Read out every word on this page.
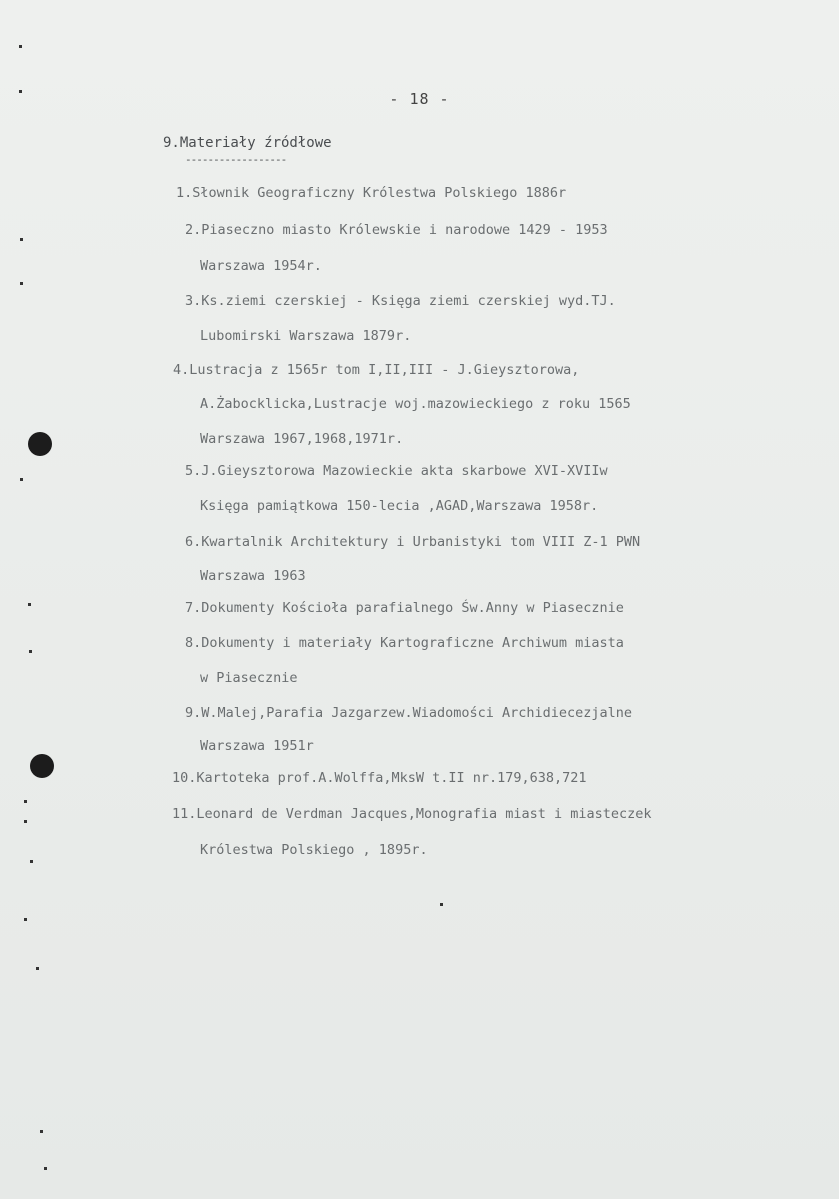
- 18 -
9.Materiały źródłowe
------------------
1.Słownik Geograficzny Królestwa Polskiego 1886r
2.Piaseczno miasto Królewskie i narodowe 1429 - 1953
Warszawa 1954r.
3.Ks.ziemi czerskiej - Księga ziemi czerskiej wyd.TJ.
Lubomirski Warszawa 1879r.
4.Lustracja z 1565r tom I,II,III - J.Gieysztorowa,
A.Żabocklicka,Lustracje woj.mazowieckiego z roku 1565
Warszawa 1967,1968,1971r.
5.J.Gieysztorowa Mazowieckie akta skarbowe XVI-XVIIw
Księga pamiątkowa 150-lecia ,AGAD,Warszawa 1958r.
6.Kwartalnik Architektury i Urbanistyki tom VIII Z-1 PWN
Warszawa 1963
7.Dokumenty Kościoła parafialnego Św.Anny w Piasecznie
8.Dokumenty i materiały Kartograficzne Archiwum miasta
w Piasecznie
9.W.Malej,Parafia Jazgarzew.Wiadomości Archidiecezjalne
Warszawa 1951r
10.Kartoteka prof.A.Wolffa,MksW t.II nr.179,638,721
11.Leonard de Verdman Jacques,Monografia miast i miasteczek
Królestwa Polskiego , 1895r.
